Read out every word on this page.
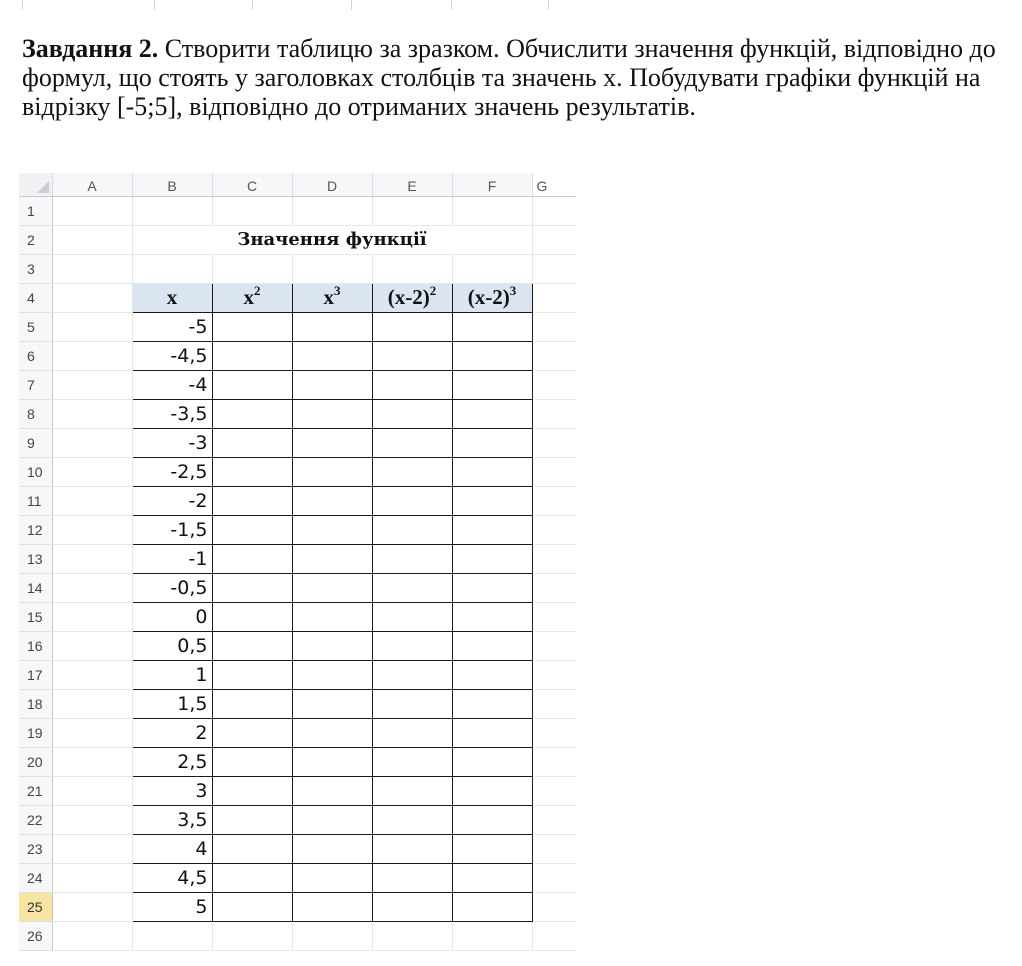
Завдання 2. Створити таблицю за зразком. Обчислити значення функцій, відповідно до формул, що стоять у заголовках столбців та значень х. Побудувати графіки функцій на відрізку [-5;5], відповідно до отриманих значень результатів.

	A	B	C	D	E	F	G
1							
2		Значення функції					
3							
4		x	$x^2$	$x^3$	$(x-2)^2$	$(x-2)^3$	
5		-5					
6		-4,5					
7		-4					
8		-3,5					
9		-3					
10		-2,5					
11		-2					
12		-1,5					
13		-1					
14		-0,5					
15		0					
16		0,5					
17		1					
18		1,5					
19		2					
20		2,5					
21		3					
22		3,5					
23		4					
24		4,5					
25		5					
26							
